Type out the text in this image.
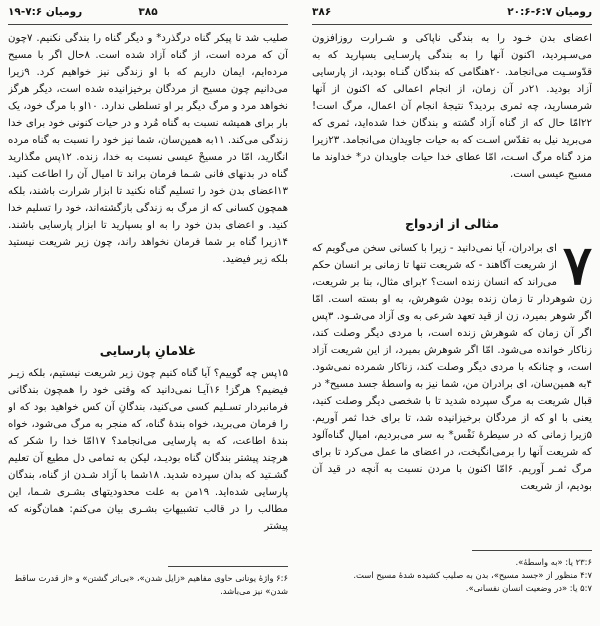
رومیان ۶:۷-۲۰:۶
۳۸۶

اعضای بدن خـود را به بندگی ناپاکی و شـرارت روزافزون می‌سـپردید، اکنون آنها را به بندگی پارسـایی بسپارید که به قدّوسـیت می‌انجامد. ۲۰هنگامی که بندگان گنـاه بودید، از پارسایی آزاد بودید. ۲۱در آن زمان، از انجام اعمالی که اکنون از آنها شرمسارید، چه ثمری بردید؟ نتیجهٔ انجام آن اعمال، مرگ است! ۲۲امّا حال که از گناه آزاد گشته و بندگان خدا شده‌اید، ثمری که می‌برید نیل به تقدّس اسـت که به حیات جاویدان می‌انجامد. ۲۳زیرا مزد گناه مرگ اسـت، امّا عطای خدا حیات جاویدان در* خداوند ما مسیح عیسی است.

مثالی از ازدواج
۷

ای برادران، آیا نمی‌دانید - زیرا با کسانی سخن می‌گویم که از شریعت آگاهند - که شریعت تنها تا زمانی بر انسان حکم می‌راند که انسان زنده است؟ ۲برای مثال، بنا بر شریعت، زن شوهردار تا زمان زنده بودن شوهرش، به او بسته است. امّا اگر شوهر بمیرد، زن از قید تعهد شرعی به وی آزاد می‌شـود. ۳پس اگر آن زمان که شوهرش زنده است، با مردی دیگر وصلت کند، زناکار خوانده می‌شود. امّا اگر شوهرش بمیرد، از این شریعت آزاد است، و چنانکه با مردی دیگر وصلت کند، زناکار شمرده نمی‌شود. ۴به همین‌سان، ای برادران من، شما نیز به واسطهٔ جسد مسیح* در قبال شریعت به مرگ سپرده شدید تا با شخصی دیگر وصلت کنید، یعنی با او که از مردگان برخیزانیده شد، تا برای خدا ثمر آوریم. ۵زیرا زمانی که در سیطرهٔ نَفْس* به سر می‌بردیم، امیالِ گناه‌آلود که شریعت آنها را برمی‌انگیخت، در اعضای ما عمل می‌کرد تا برای مرگ ثمـر آوریم. ۶امّا اکنون با مردن نسبت به آنچه در قید آن بودیم، از شریعت

۲۳:۶ یا: «به واسطهٔ».

۴:۷ منظور از «جسد مسیح»، بدن به صلیب کشیده شدهٔ مسیح است.

۵:۷ یا: «در وضعیت انسان نفسانی».

۳۸۵
رومیان ۷:۶-۱۹

صلیب شد تا پیکر گناه درگذرد* و دیگر گناه را بندگی نکنیم. ۷چون آن که مرده است، از گناه آزاد شده است. ۸حال اگر با مسیح مرده‌ایم، ایمان داریم که با او زندگی نیز خواهیم کرد. ۹زیرا می‌دانیم چون مسیح از مردگان برخیزانیده شده است، دیگر هرگز نخواهد مرد و مرگ دیگر بر او تسلطی ندارد. ۱۰او با مرگ خود، یک بار برای همیشه نسبت به گناه مُرد و در حیات کنونی خود برای خدا زندگی می‌کند. ۱۱به همین‌سان، شما نیز خود را نسبت به گناه مرده انگارید، امّا در مسیحْ عیسی نسبت به خدا، زنده. ۱۲پس مگذارید گناه در بدنهای فانی شـما فرمان براند تا امیال آن را اطاعت کنید. ۱۳اعضای بدن خود را تسلیم گناه نکنید تا ابزار شرارت باشند، بلکه همچون کسانی که از مرگ به زندگی بازگشته‌اند، خود را تسلیم خدا کنید. و اعضای بدن خود را به او بسپارید تا ابزار پارسایی باشند. ۱۴زیرا گناه بر شما فرمان نخواهد راند، چون زیر شریعت نیستید بلکه زیر فیضید.

غلامانِ پارسایی

۱۵پس چه گوییم؟ آیا گناه کنیم چون زیر شریعت نیستیم، بلکه زیـر فیضیم؟ هرگز! ۱۶آیـا نمی‌دانید که وقتی خود را همچون بندگانی فرمانبردار تسـلیم کسی می‌کنید، بندگانِ آن کس خواهید بود که او را فرمان می‌برید، خواه بندهٔ گناه، که منجر به مرگ می‌شود، خواه بندهٔ اطاعت، که به پارسایی می‌انجامد؟ ۱۷امّا خدا را شکر که هرچند پیشتر بندگان گناه بودیـد، لیکن به تمامی دل مطیع آن تعلیم گشـتید که بدان سپرده شدید. ۱۸شما با آزاد شـدن از گناه، بندگان پارسایی شده‌اید. ۱۹من به علت محدودیتهای بشـری شـما، این مطالب را در قالب تشبیهاتِ بشـری بیان می‌کنم: همان‌گونه که پیشتر

۶:۶ واژهٔ یونانی حاوی مفاهیم «زایل شدن»، «بی‌اثر گشتن» و «از قدرت ساقط شدن» نیز می‌باشد.
